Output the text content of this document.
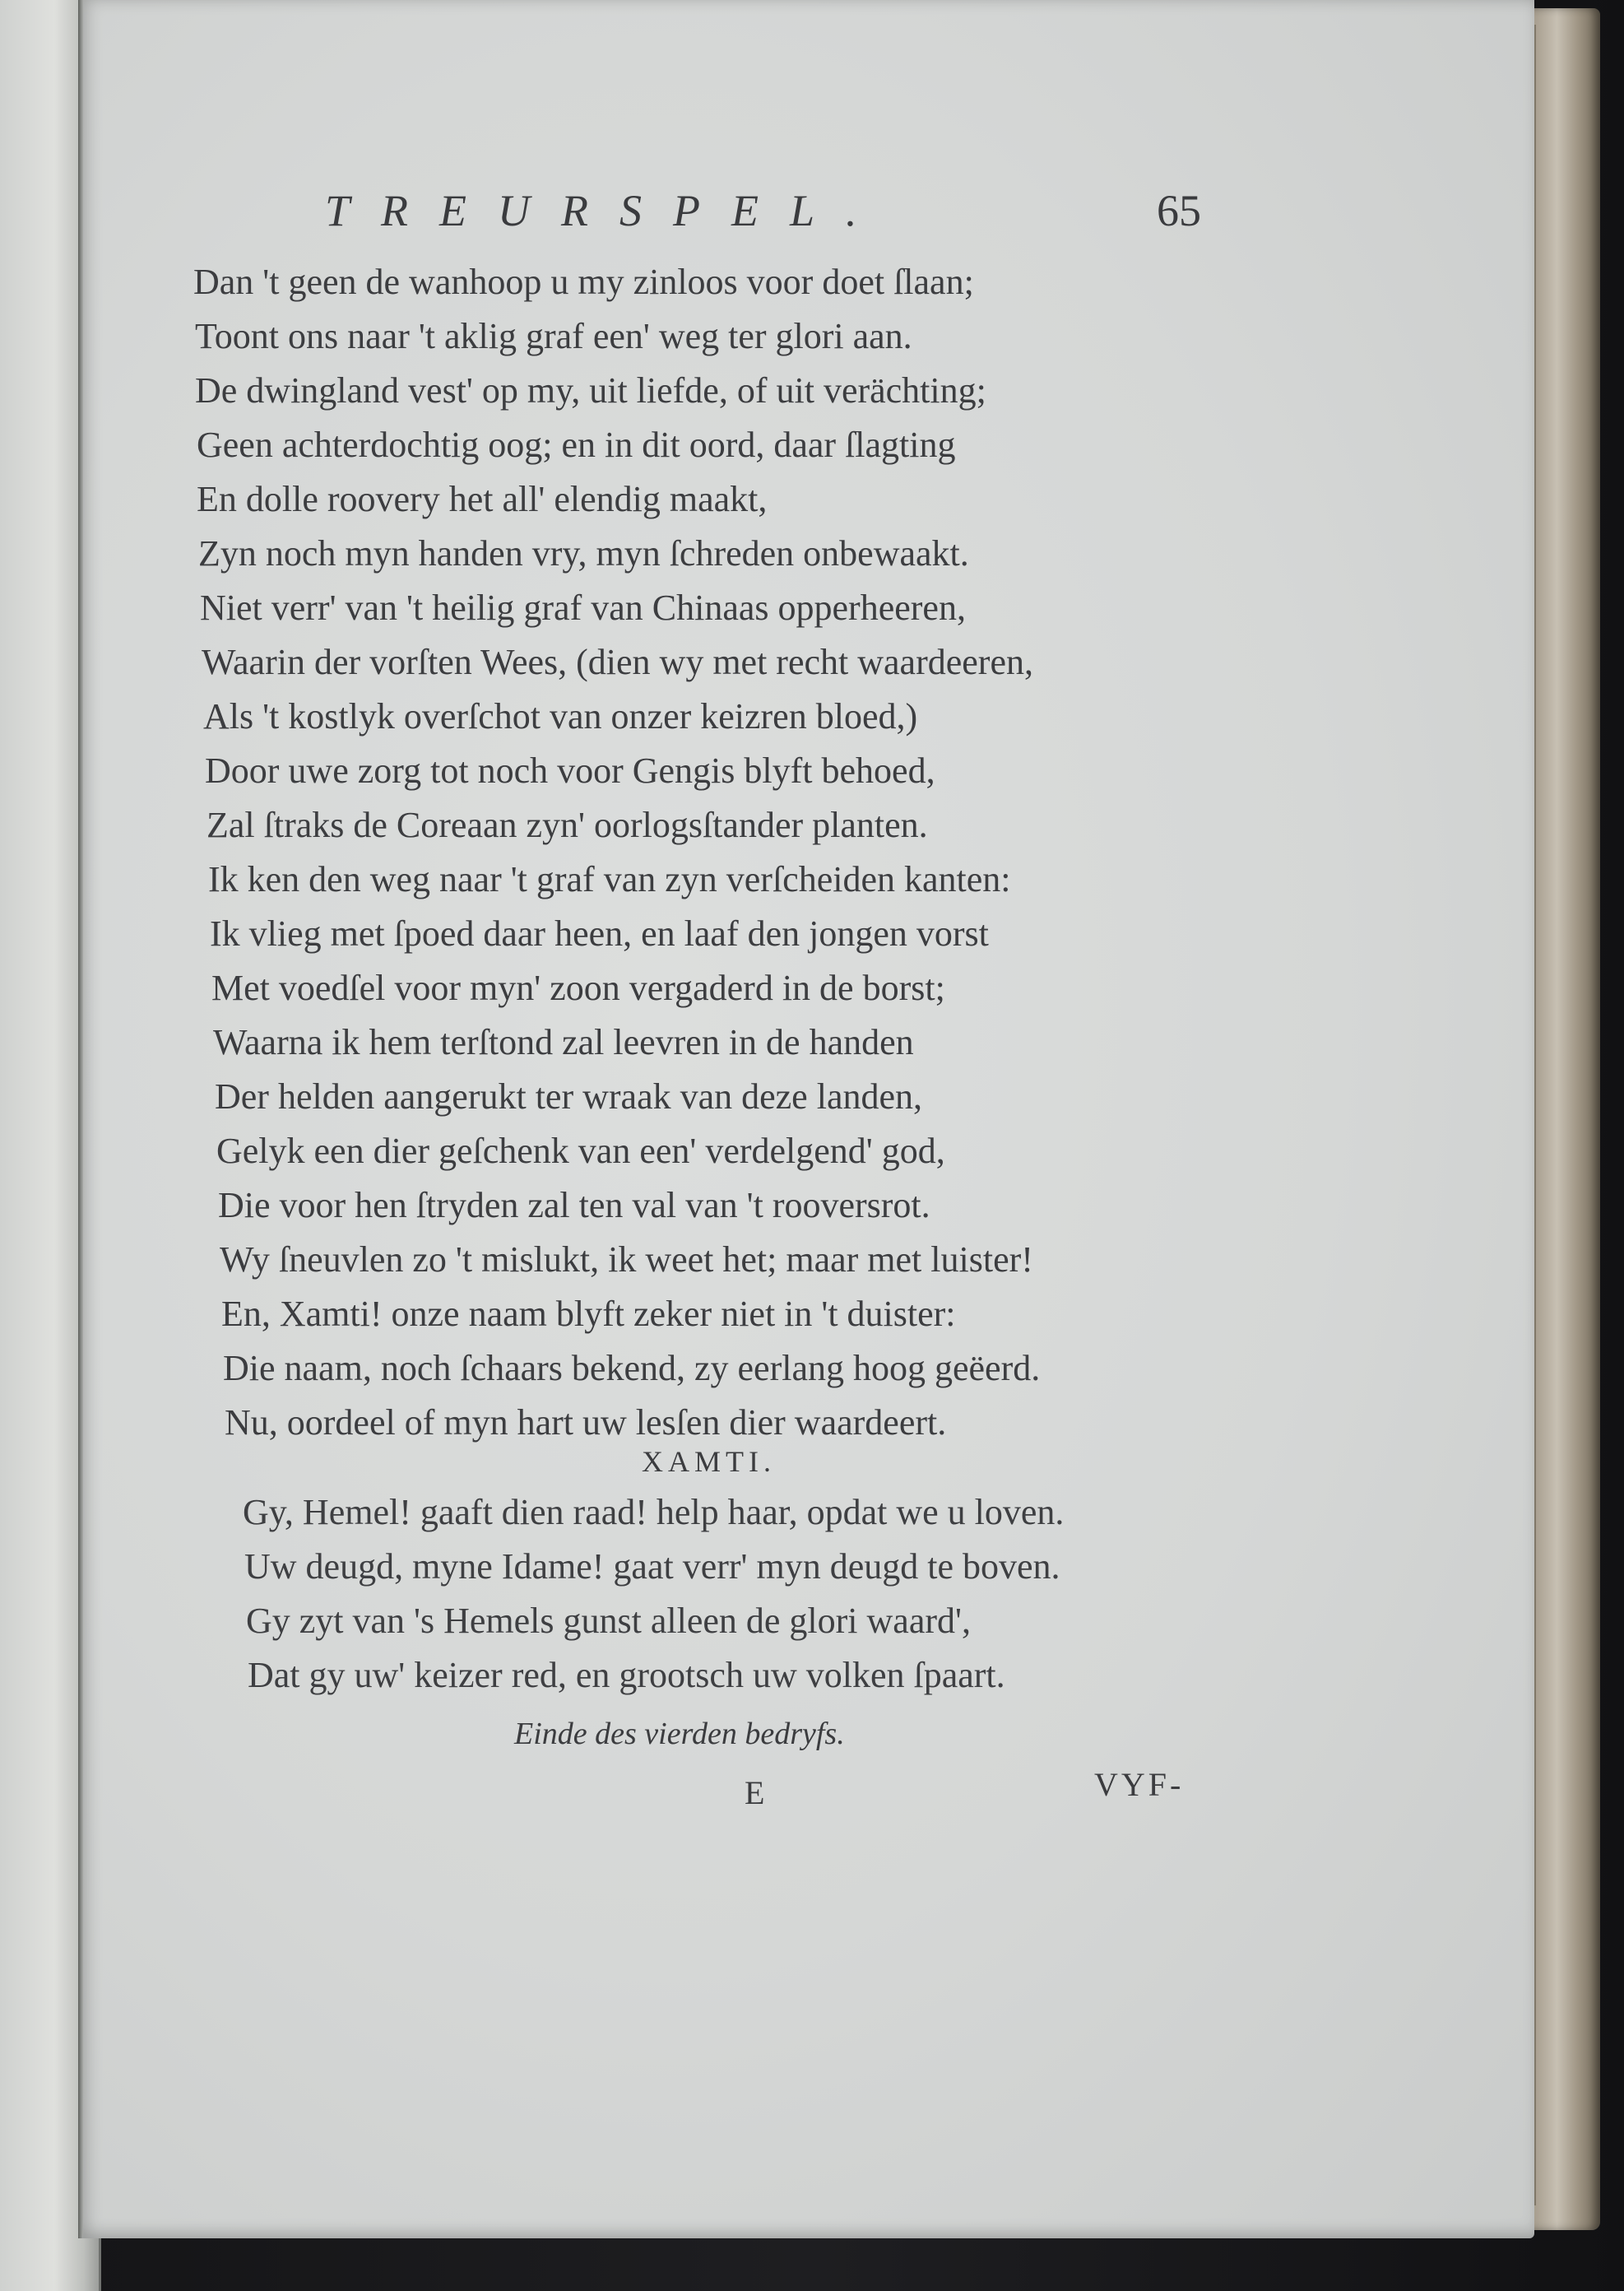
TREURSPEL.	65
Dan 't geen de wanhoop u my zinloos voor doet ſlaan;
Toont ons naar 't aklig graf een' weg ter glori aan.
De dwingland vest' op my, uit liefde, of uit verächting;
Geen achterdochtig oog; en in dit oord, daar ſlagting
En dolle roovery het all' elendig maakt,
Zyn noch myn handen vry, myn ſchreden onbewaakt.
Niet verr' van 't heilig graf van Chinaas opperheeren,
Waarin der vorſten Wees, (dien wy met recht waardeeren,
Als 't kostlyk overſchot van onzer keizren bloed,)
Door uwe zorg tot noch voor Gengis blyft behoed,
Zal ſtraks de Coreaan zyn' oorlogsſtander planten.
Ik ken den weg naar 't graf van zyn verſcheiden kanten:
Ik vlieg met ſpoed daar heen, en laaf den jongen vorst
Met voedſel voor myn' zoon vergaderd in de borst;
Waarna ik hem terſtond zal leevren in de handen
Der helden aangerukt ter wraak van deze landen,
Gelyk een dier geſchenk van een' verdelgend' god,
Die voor hen ſtryden zal ten val van 't rooversrot.
Wy ſneuvlen zo 't mislukt, ik weet het; maar met luister!
En, Xamti! onze naam blyft zeker niet in 't duister:
Die naam, noch ſchaars bekend, zy eerlang hoog geëerd.
Nu, oordeel of myn hart uw lesſen dier waardeert.
XAMTI.
Gy, Hemel! gaaft dien raad! help haar, opdat we u loven.
Uw deugd, myne Idame! gaat verr' myn deugd te boven.
Gy zyt van 's Hemels gunst alleen de glori waard',
Dat gy uw' keizer red, en grootsch uw volken ſpaart.
Einde des vierden bedryfs.
E	VYF-
